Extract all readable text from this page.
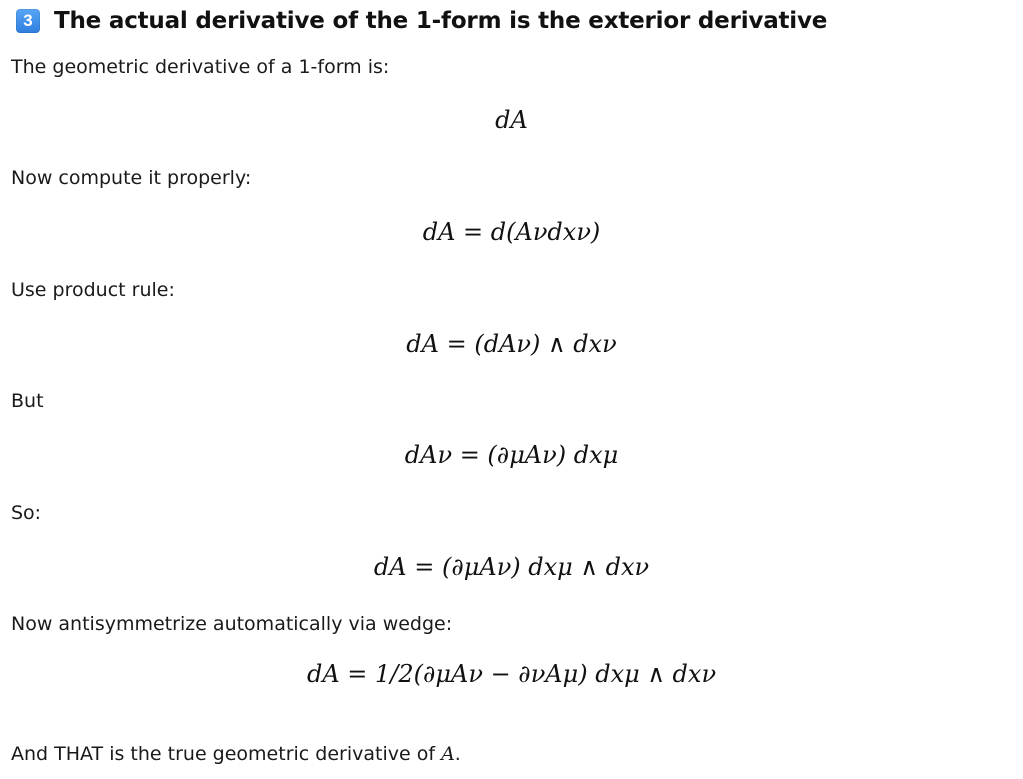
3 The actual derivative of the 1-form is the exterior derivative
The geometric derivative of a 1-form is:
dA
Now compute it properly:
dA = d(Aνdxν)
Use product rule:
dA = (dAν) ∧ dxν
But
dAν = (∂μAν) dxμ
So:
dA = (∂μAν) dxμ ∧ dxν
Now antisymmetrize automatically via wedge:
dA = 1/2(∂μAν − ∂νAμ) dxμ ∧ dxν
And THAT is the true geometric derivative of A.
